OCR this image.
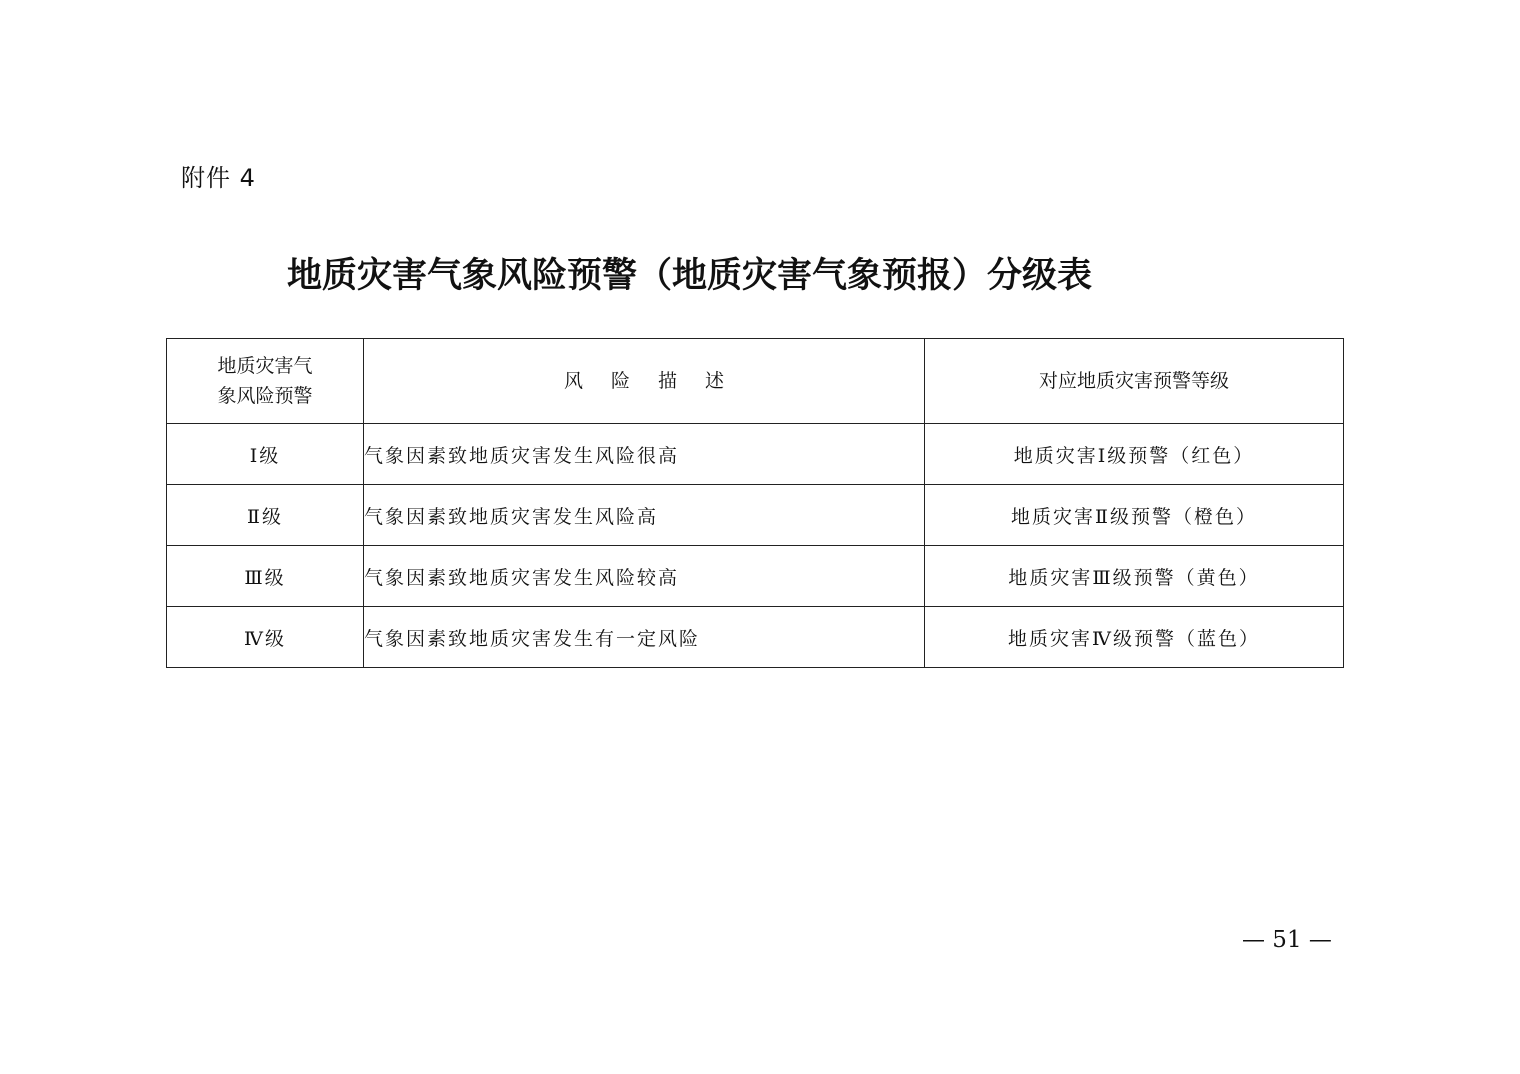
附件 4
地质灾害气象风险预警（地质灾害气象预报）分级表
地质灾害气
象风险预警	风 险 描 述	对应地质灾害预警等级
Ⅰ级	气象因素致地质灾害发生风险很高	地质灾害Ⅰ级预警（红色）
Ⅱ级	气象因素致地质灾害发生风险高	地质灾害Ⅱ级预警（橙色）
Ⅲ级	气象因素致地质灾害发生风险较高	地质灾害Ⅲ级预警（黄色）
Ⅳ级	气象因素致地质灾害发生有一定风险	地质灾害Ⅳ级预警（蓝色）
— 51 —
